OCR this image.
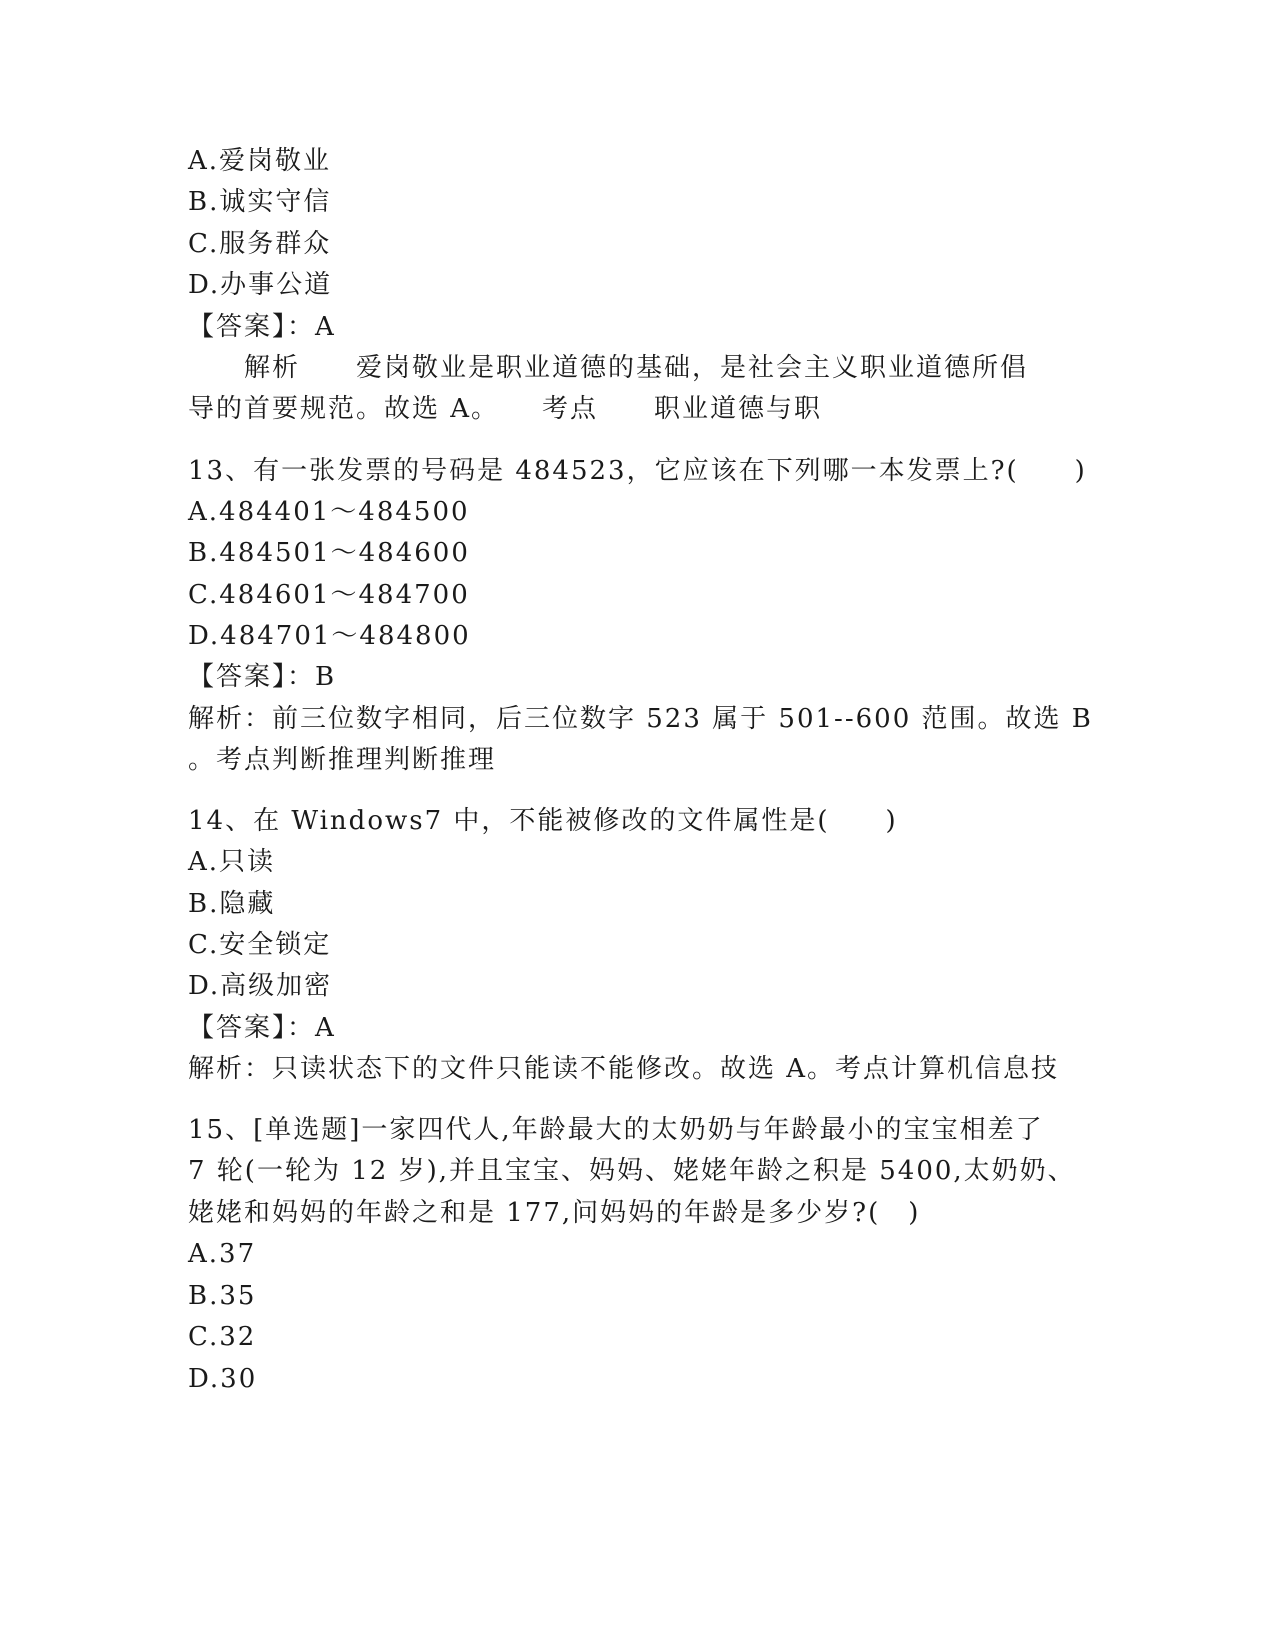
A.爱岗敬业
B.诚实守信
C.服务群众
D.办事公道
【答案】：A
　　解析　　爱岗敬业是职业道德的基础，是社会主义职业道德所倡
导的首要规范。故选 A。　　考点　　职业道德与职
13、有一张发票的号码是 484523，它应该在下列哪一本发票上?(　　)
A.484401～484500
B.484501～484600
C.484601～484700
D.484701～484800
【答案】：B
解析：前三位数字相同，后三位数字 523 属于 501--600 范围。故选 B
。考点判断推理判断推理
14、在 Windows7 中，不能被修改的文件属性是(　　)
A.只读
B.隐藏
C.安全锁定
D.高级加密
【答案】：A
解析：只读状态下的文件只能读不能修改。故选 A。考点计算机信息技
15、[单选题]一家四代人,年龄最大的太奶奶与年龄最小的宝宝相差了
7 轮(一轮为 12 岁),并且宝宝、妈妈、姥姥年龄之积是 5400,太奶奶、
姥姥和妈妈的年龄之和是 177,问妈妈的年龄是多少岁?(　)
A.37
B.35
C.32
D.30
